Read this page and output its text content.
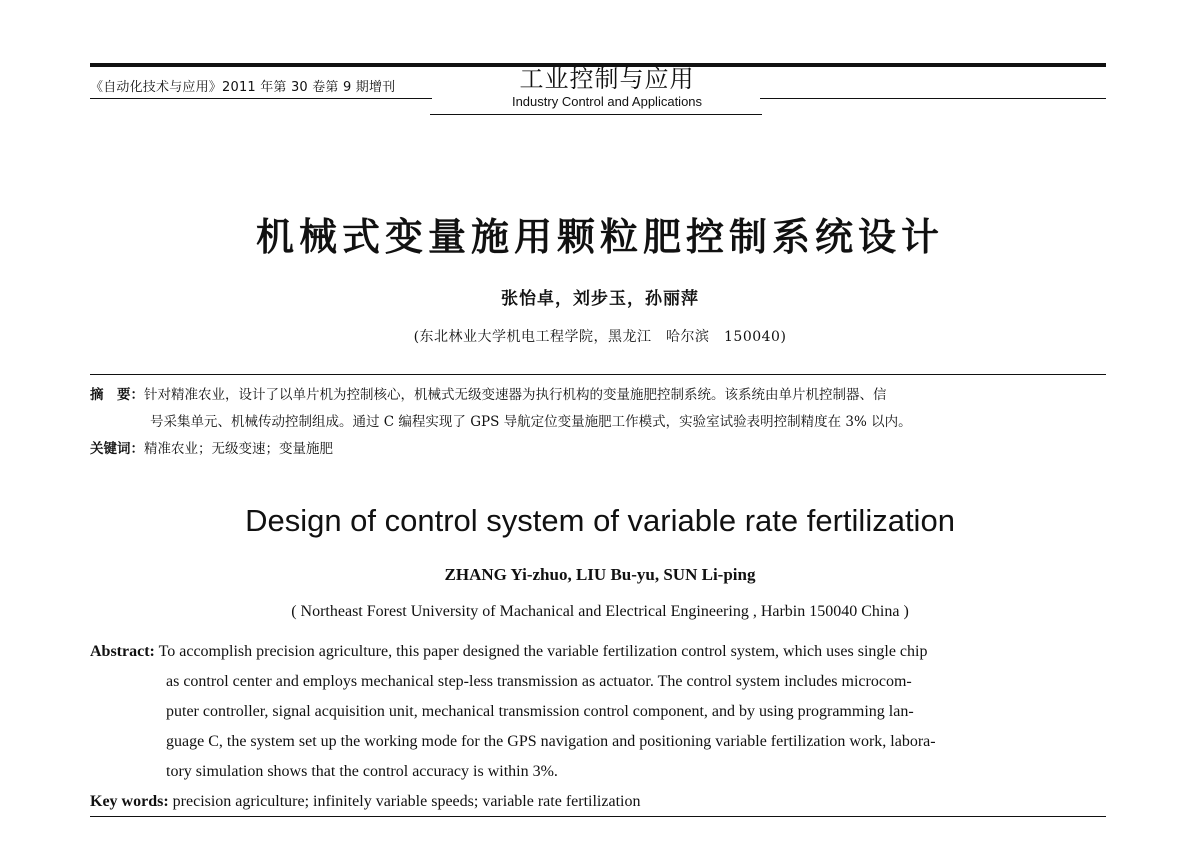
《自动化技术与应用》2011 年第 30 卷第 9 期增刊	工业控制与应用
Industry Control and Applications
机械式变量施用颗粒肥控制系统设计
张怡卓，刘步玉，孙丽萍
(东北林业大学机电工程学院，黑龙江　哈尔滨　150040)
摘　要：针对精准农业，设计了以单片机为控制核心，机械式无级变速器为执行机构的变量施肥控制系统。该系统由单片机控制器、信
号采集单元、机械传动控制组成。通过 C 编程实现了 GPS 导航定位变量施肥工作模式，实验室试验表明控制精度在 3% 以内。
关键词：精准农业；无级变速；变量施肥
Design of control system of variable rate fertilization
ZHANG Yi-zhuo, LIU Bu-yu, SUN Li-ping
( Northeast Forest University of Machanical and Electrical Engineering , Harbin 150040 China )
Abstract: To accomplish precision agriculture, this paper designed the variable fertilization control system, which uses single chip
as control center and employs mechanical step-less transmission as actuator. The control system includes microcom-
puter controller, signal acquisition unit, mechanical transmission control component, and by using programming lan-
guage C, the system set up the working mode for the GPS navigation and positioning variable fertilization work, labora-
tory simulation shows that the control accuracy is within 3%.
Key words: precision agriculture; infinitely variable speeds; variable rate fertilization
